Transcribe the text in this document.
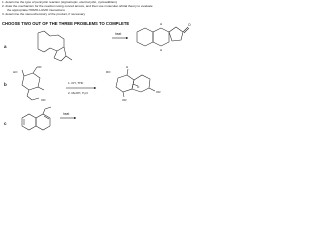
1. determine the type of pericyclic reaction (sigmatropic, electrocyclic, cycloaddition)
2. draw the mechanism for the reaction using curved arrows, and then use molecular orbital theory to evaluate
the appropriate HOMO-LUMO interactions
3. determine the stereochemistry of the product, if necessary
CHOOSE TWO OUT OF THE THREE PROBLEMS TO COMPLETE
a
heat
H	O
H
b
HO
OR
OR
1. KH, THF
2. MeOH, H₂O
RO
H
O
OR
OR
c
heat
